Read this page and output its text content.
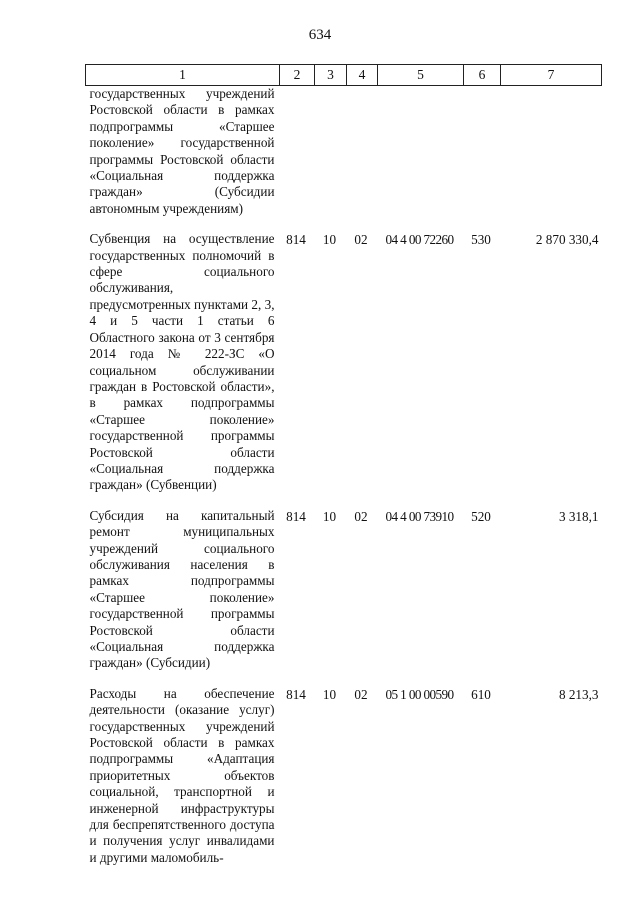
634
1	2	3	4	5	6	7
государственных учреждений Ростовской области в рамках подпрограммы «Старшее поколение» государственной программы Ростовской области «Социальная поддержка граждан» (Субсидии автономным учреждениям)						
Субвенция на осуществление государственных полномочий в сфере социального обслуживания, предусмотренных пунктами 2, 3, 4 и 5 части 1 статьи 6 Областного закона от 3 сентября 2014 года № 222-ЗС «О социальном обслуживании граждан в Ростовской области», в рамках подпрограммы «Старшее поколение» государственной программы Ростовской области «Социальная поддержка граждан» (Субвенции)	814	10	02	04 4 00 72260	530	2 870 330,4
Субсидия на капитальный ремонт муниципальных учреждений социального обслуживания населения в рамках подпрограммы «Старшее поколение» государственной программы Ростовской области «Социальная поддержка граждан» (Субсидии)	814	10	02	04 4 00 73910	520	3 318,1
Расходы на обеспечение деятельности (оказание услуг) государственных учреждений Ростовской области в рамках подпрограммы «Адаптация приоритетных объектов социальной, транспортной и инженерной инфраструктуры для беспрепятственного доступа и получения услуг инвалидами и другими маломобиль-	814	10	02	05 1 00 00590	610	8 213,3
